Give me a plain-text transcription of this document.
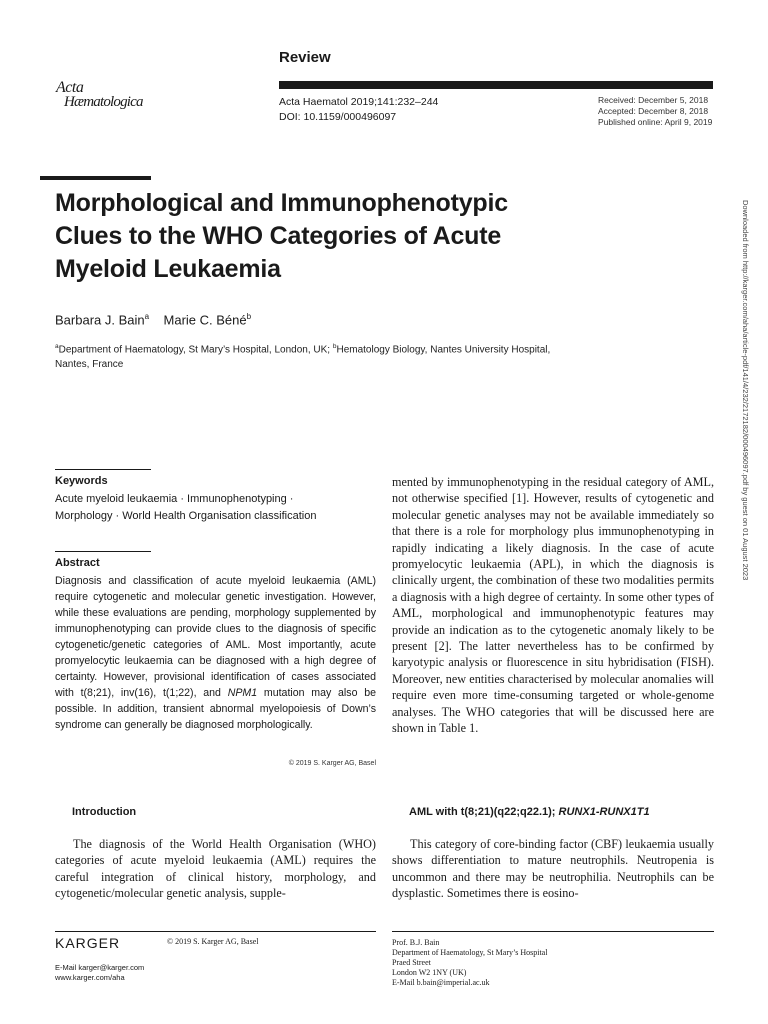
Review
Acta
Hæmatologica	Acta Haematol 2019;141:232–244
DOI: 10.1159/000496097
Received: December 5, 2018
Accepted: December 8, 2018
Published online: April 9, 2019
Morphological and Immunophenotypic
Clues to the WHO Categories of Acute
Myeloid Leukaemia
Barbara J. Bain$^a$ Marie C. Béné$^b$
$^a$Department of Haematology, St Mary’s Hospital, London, UK; $^b$Hematology Biology, Nantes University Hospital,
Nantes, France	Downloaded from http://karger.com/aha/article-pdf/141/4/232/2172182/000496097.pdf by guest on 01 August 2023
Keywords
Acute myeloid leukaemia · Immunophenotyping ·
Morphology · World Health Organisation classification
Abstract
Diagnosis and classification of acute myeloid leukaemia (AML) require cytogenetic and molecular genetic investigation. However, while these evaluations are pending, morphology supplemented by immunophenotyping can provide clues to the diagnosis of specific cytogenetic/genetic categories of AML. Most importantly, acute promyelocytic leukaemia can be diagnosed with a high degree of certainty. However, provisional identification of cases associated with t(8;21), inv(16), t(1;22), and NPM1 mutation may also be possible. In addition, transient abnormal myelopoiesis of Down’s syndrome can generally be diagnosed morphologically.
© 2019 S. Karger AG, Basel
mented by immunophenotyping in the residual category of AML, not otherwise specified [1]. However, results of cytogenetic and molecular genetic analyses may not be available immediately so that there is a role for morphology plus immunophenotyping in rapidly indicating a likely diagnosis. In the case of acute promyelocytic leukaemia (APL), in which the diagnosis is clinically urgent, the combination of these two modalities permits a diagnosis with a high degree of certainty. In some other types of AML, morphological and immunophenotypic features may provide an indication as to the cytogenetic anomaly likely to be present [2]. The latter nevertheless has to be confirmed by karyotypic analysis or fluorescence in situ hybridisation (FISH). Moreover, new entities characterised by molecular anomalies will require even more time-consuming targeted or whole-genome analyses. The WHO categories that will be discussed here are shown in Table 1.
Introduction
The diagnosis of the World Health Organisation (WHO) categories of acute myeloid leukaemia (AML) requires the careful integration of clinical history, morphology, and cytogenetic/molecular genetic analysis, supple-
AML with t(8;21)(q22;q22.1); RUNX1-RUNX1T1
This category of core-binding factor (CBF) leukaemia usually shows differentiation to mature neutrophils. Neutropenia is uncommon and there may be neutrophilia. Neutrophils can be dysplastic. Sometimes there is eosino-
KARGER	© 2019 S. Karger AG, Basel
E-Mail karger@karger.com
www.karger.com/aha
Prof. B.J. Bain
Department of Haematology, St Mary’s Hospital
Praed Street
London W2 1NY (UK)
E-Mail b.bain@imperial.ac.uk
